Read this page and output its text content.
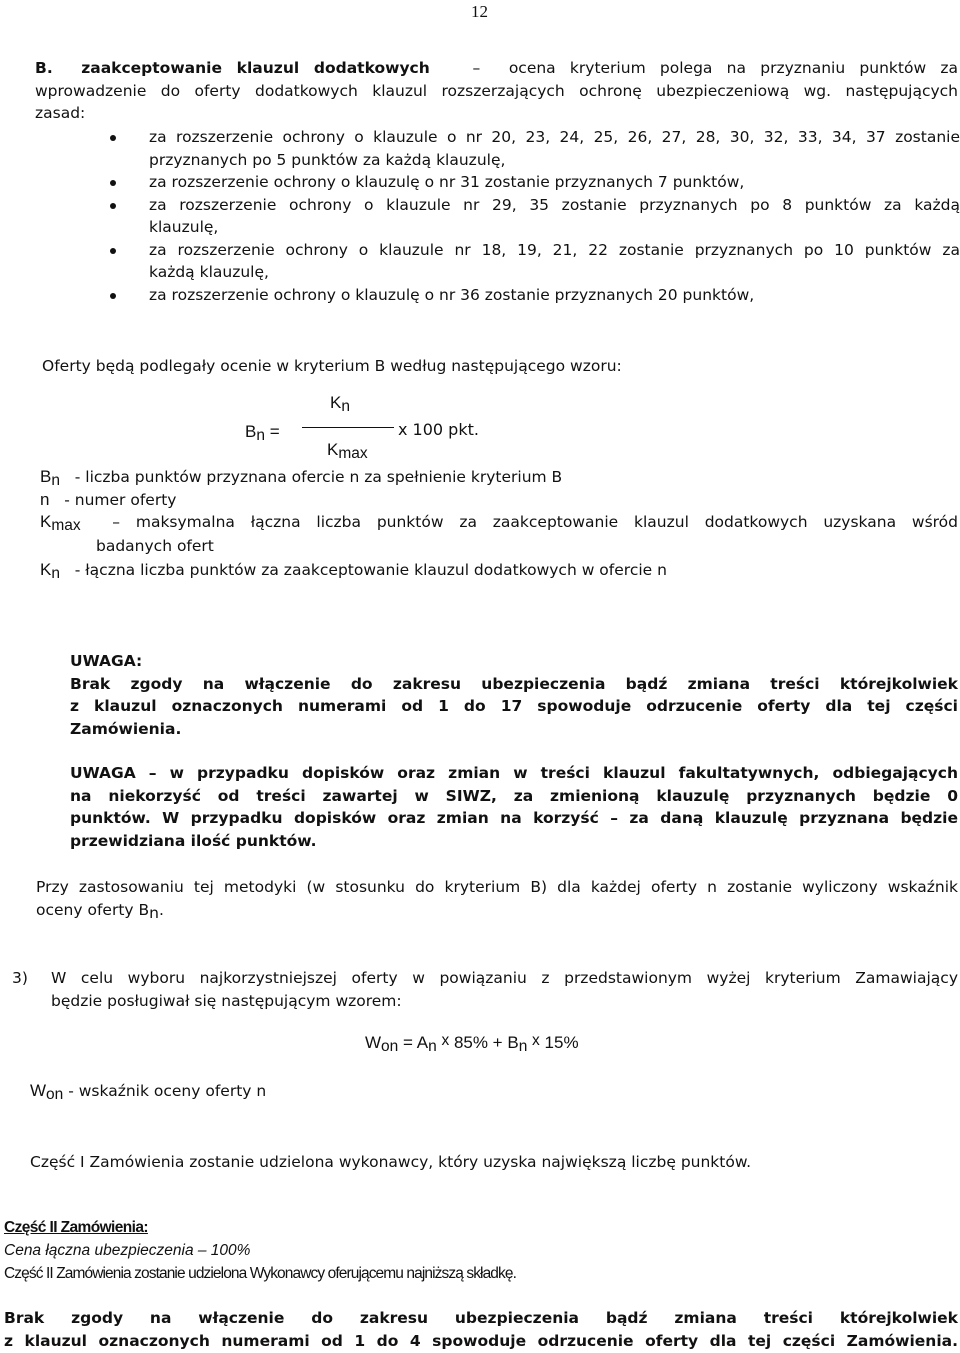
12
B. zaakceptowanie klauzul dodatkowych	– ocena kryterium polega na przyznaniu punktów za
wprowadzenie do oferty dodatkowych klauzul rozszerzających ochronę ubezpieczeniową wg. następujących
zasad:
za rozszerzenie ochrony o klauzule o nr 20, 23, 24, 25, 26, 27, 28, 30, 32, 33, 34, 37 zostanie
przyznanych po 5 punktów za każdą klauzulę,
za rozszerzenie ochrony o klauzulę o nr 31 zostanie przyznanych 7 punktów,
za rozszerzenie ochrony o klauzule nr 29, 35 zostanie przyznanych po 8 punktów za każdą
klauzulę,
za rozszerzenie ochrony o klauzule nr 18, 19, 21, 22 zostanie przyznanych po 10 punktów za
każdą klauzulę,
za rozszerzenie ochrony o klauzulę o nr 36 zostanie przyznanych 20 punktów,
Oferty będą podlegały ocenie w kryterium B według następującego wzoru:
Kn
Bn =	x 100 pkt.
Kmax
Bn - liczba punktów przyznana ofercie n za spełnienie kryterium B
n - numer oferty
Kmax – maksymalna łączna liczba punktów za zaakceptowanie klauzul dodatkowych uzyskana wśród
badanych ofert
Kn - łączna liczba punktów za zaakceptowanie klauzul dodatkowych w ofercie n
UWAGA:
Brak zgody na włączenie do zakresu ubezpieczenia bądź zmiana treści którejkolwiek
z klauzul oznaczonych numerami od 1 do 17 spowoduje odrzucenie oferty dla tej części
Zamówienia.
UWAGA – w przypadku dopisków oraz zmian w treści klauzul fakultatywnych, odbiegających
na niekorzyść od treści zawartej w SIWZ, za zmienioną klauzulę przyznanych będzie 0
punktów. W przypadku dopisków oraz zmian na korzyść – za daną klauzulę przyznana będzie
przewidziana ilość punktów.
Przy zastosowaniu tej metodyki (w stosunku do kryterium B) dla każdej oferty n zostanie wyliczony wskaźnik
oceny oferty Bn.
3) W celu wyboru najkorzystniejszej oferty w powiązaniu z przedstawionym wyżej kryterium Zamawiający
będzie posługiwał się następującym wzorem:
Won = An x 85% + Bn x 15%
Won - wskaźnik oceny oferty n
Część I Zamówienia zostanie udzielona wykonawcy, który uzyska największą liczbę punktów.
Część II Zamówienia:
Cena łączna ubezpieczenia – 100%
Część II Zamówienia zostanie udzielona Wykonawcy oferującemu najniższą składkę.
Brak zgody na włączenie do zakresu ubezpieczenia bądź zmiana treści którejkolwiek
z klauzul oznaczonych numerami od 1 do 4 spowoduje odrzucenie oferty dla tej części Zamówienia.
